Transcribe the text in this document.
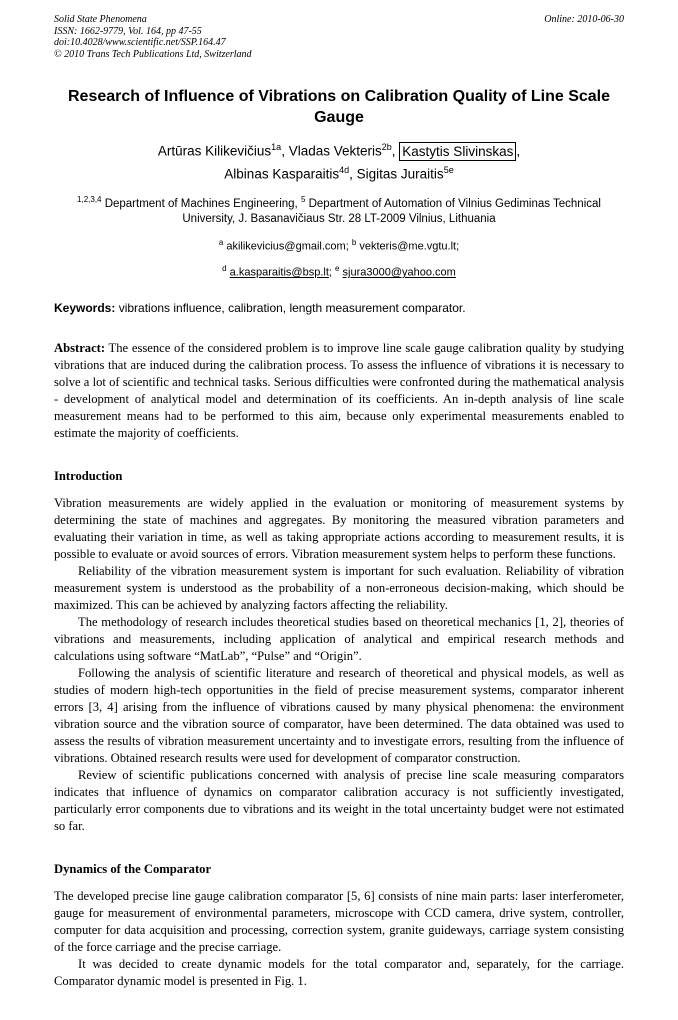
Solid State Phenomena
ISSN: 1662-9779, Vol. 164, pp 47-55
doi:10.4028/www.scientific.net/SSP.164.47
© 2010 Trans Tech Publications Ltd, Switzerland
Online: 2010-06-30
Research of Influence of Vibrations on Calibration Quality of Line Scale Gauge
Artūras Kilikevičius$^{1a}$, Vladas Vekteris$^{2b}$, Kastytis Slivinskas ,
Albinas Kasparaitis$^{4d}$, Sigitas Juraitis$^{5e}$
$^{1,2,3,4}$ Department of Machines Engineering, $^5$ Department of Automation of Vilnius Gediminas Technical University, J. Basanavičiaus Str. 28 LT-2009 Vilnius, Lithuania
$^a$ akilikevicius@gmail.com; $^b$ vekteris@me.vgtu.lt;
$^d$ a.kasparaitis@bsp.lt; $^e$ sjura3000@yahoo.com
Keywords: vibrations influence, calibration, length measurement comparator.
Abstract: The essence of the considered problem is to improve line scale gauge calibration quality by studying vibrations that are induced during the calibration process. To assess the influence of vibrations it is necessary to solve a lot of scientific and technical tasks. Serious difficulties were confronted during the mathematical analysis - development of analytical model and determination of its coefficients. An in-depth analysis of line scale measurement means had to be performed to this aim, because only experimental measurements enabled to estimate the majority of coefficients.
Introduction

Vibration measurements are widely applied in the evaluation or monitoring of measurement systems by determining the state of machines and aggregates. By monitoring the measured vibration parameters and evaluating their variation in time, as well as taking appropriate actions according to measurement results, it is possible to evaluate or avoid sources of errors. Vibration measurement system helps to perform these functions.

Reliability of the vibration measurement system is important for such evaluation. Reliability of vibration measurement system is understood as the probability of a non-erroneous decision-making, which should be maximized. This can be achieved by analyzing factors affecting the reliability.

The methodology of research includes theoretical studies based on theoretical mechanics [1, 2], theories of vibrations and measurements, including application of analytical and empirical research methods and calculations using software “MatLab”, “Pulse” and “Origin”.

Following the analysis of scientific literature and research of theoretical and physical models, as well as studies of modern high-tech opportunities in the field of precise measurement systems, comparator inherent errors [3, 4] arising from the influence of vibrations caused by many physical phenomena: the environment vibration source and the vibration source of comparator, have been determined. The data obtained was used to assess the results of vibration measurement uncertainty and to investigate errors, resulting from the influence of vibrations. Obtained research results were used for development of comparator construction.

Review of scientific publications concerned with analysis of precise line scale measuring comparators indicates that influence of dynamics on comparator calibration accuracy is not sufficiently investigated, particularly error components due to vibrations and its weight in the total uncertainty budget were not estimated so far.

Dynamics of the Comparator

The developed precise line gauge calibration comparator [5, 6] consists of nine main parts: laser interferometer, gauge for measurement of environmental parameters, microscope with CCD camera, drive system, controller, computer for data acquisition and processing, correction system, granite guideways, carriage system consisting of the force carriage and the precise carriage.

It was decided to create dynamic models for the total comparator and, separately, for the carriage. Comparator dynamic model is presented in Fig. 1.
